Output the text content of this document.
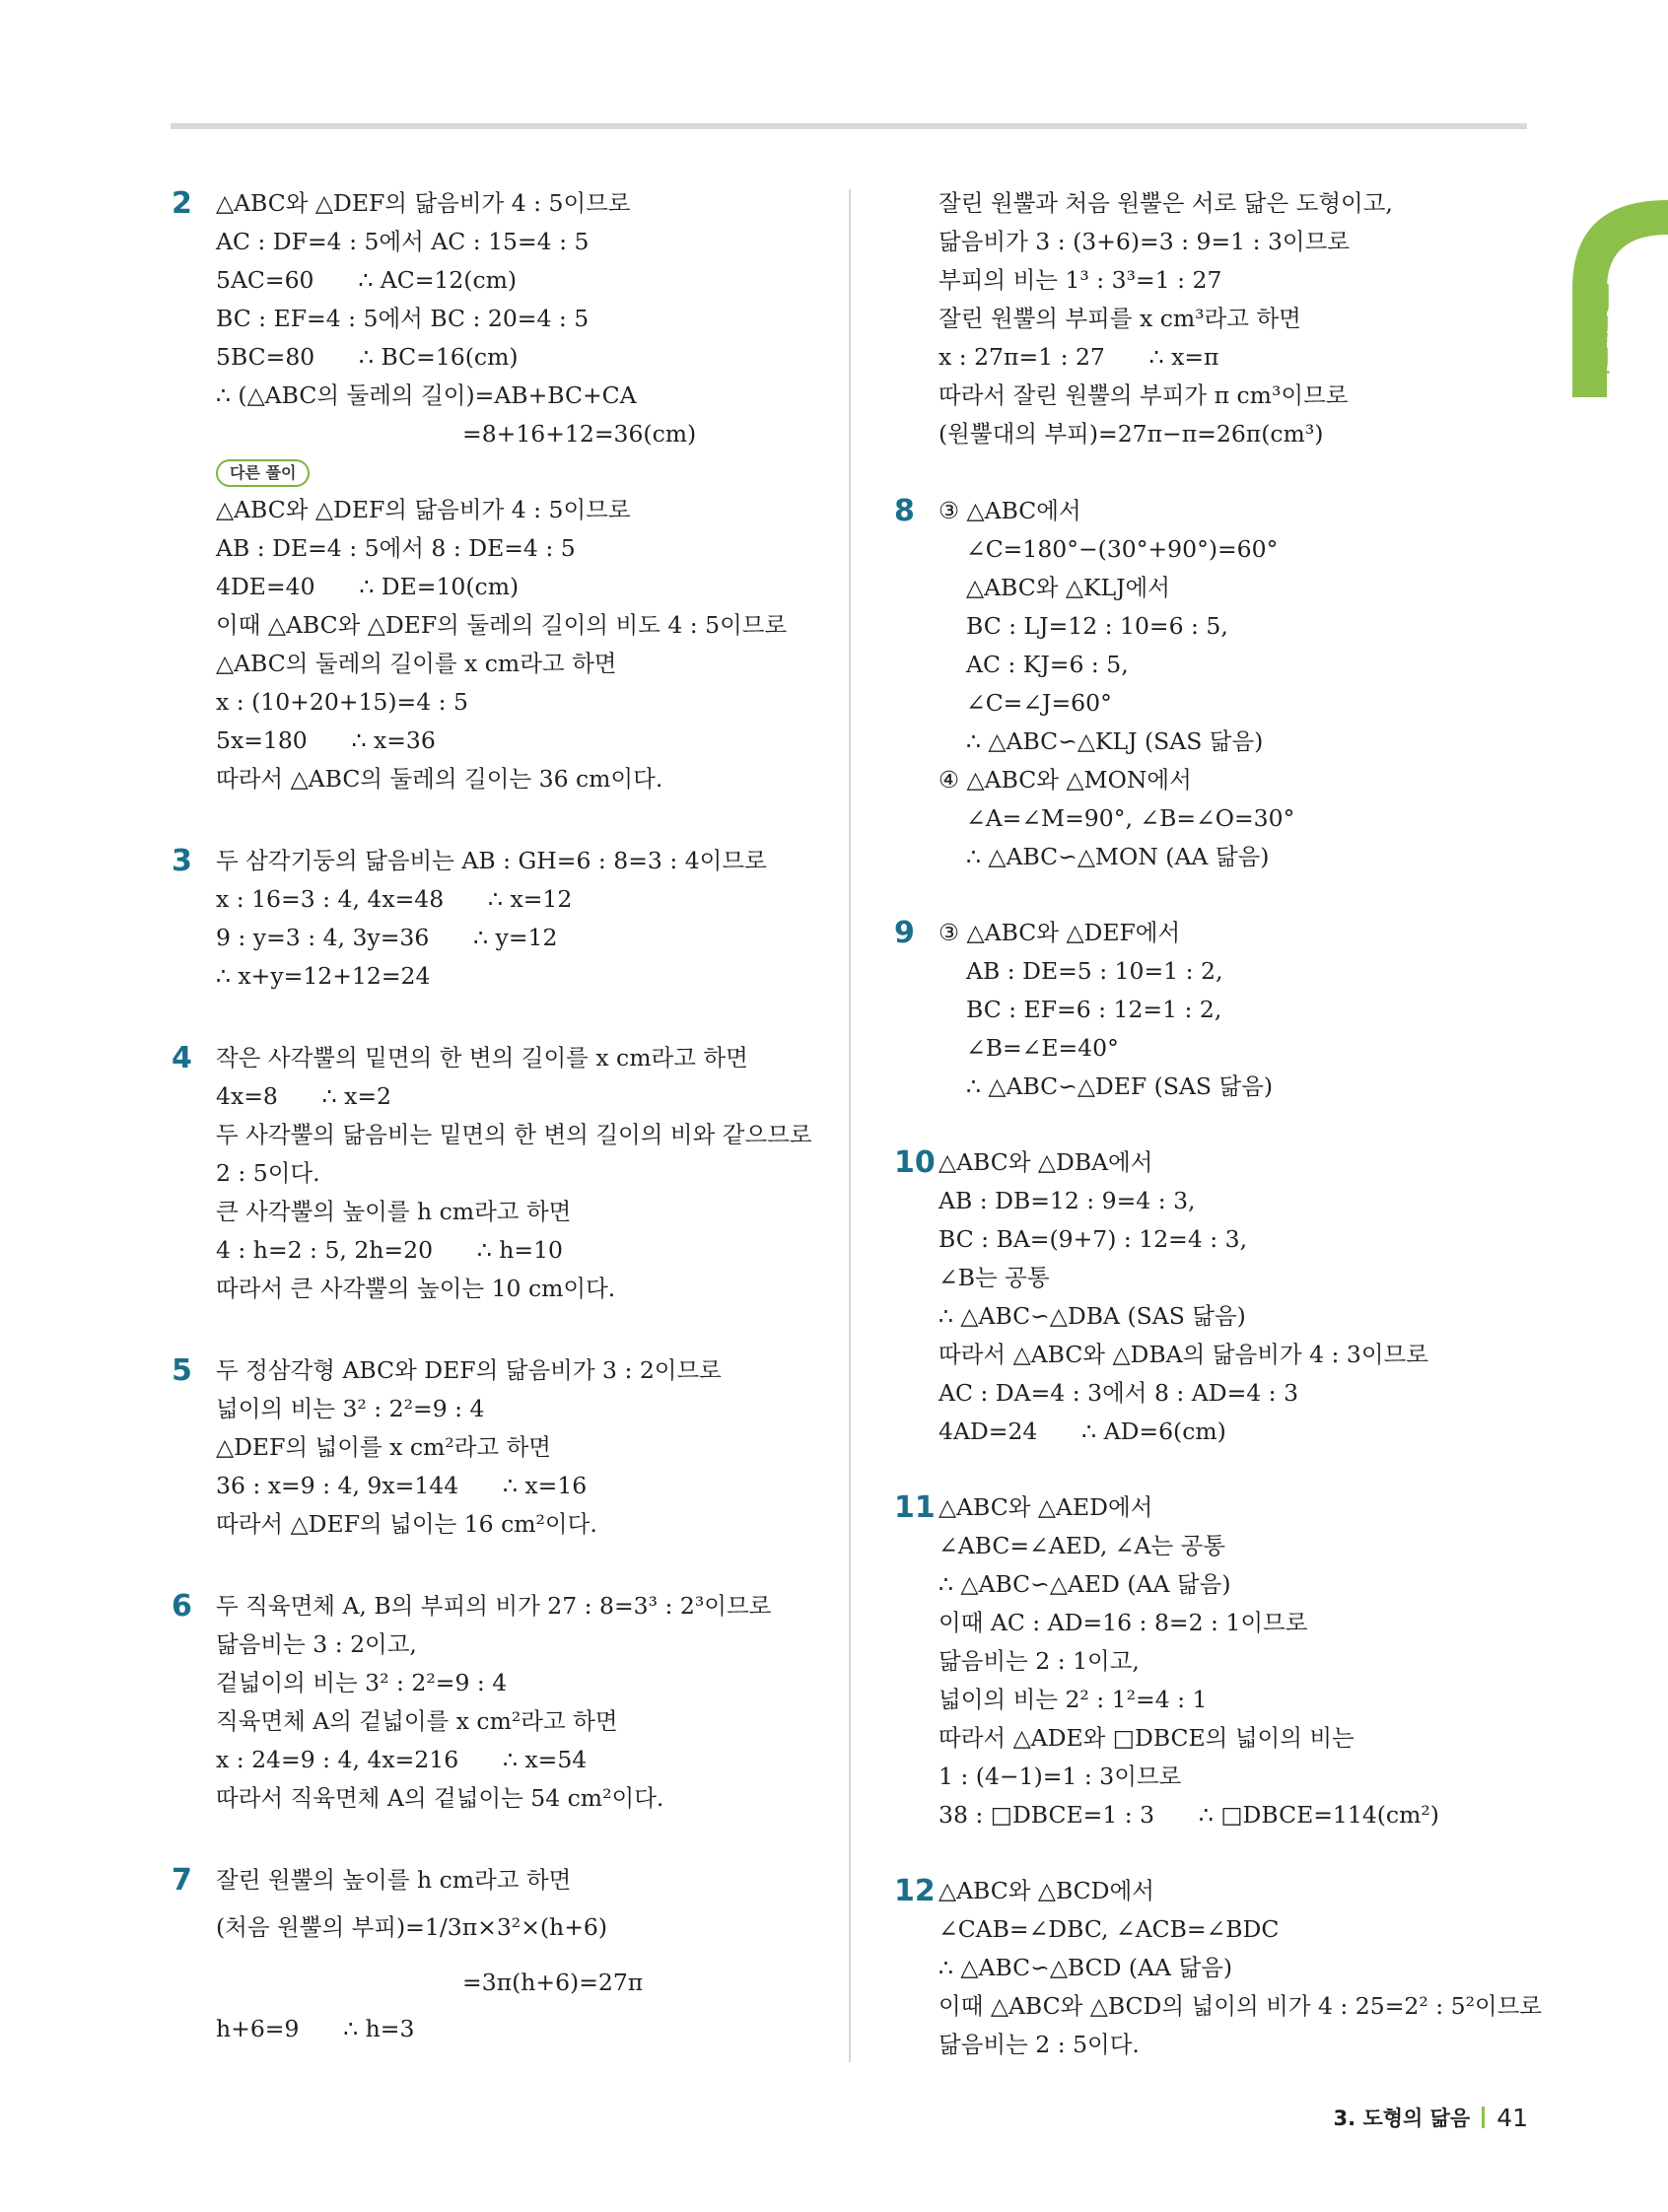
개념편
2 △ABC와 △DEF의 닮음비가 4 : 5이므로
AC : DF=4 : 5에서 AC : 15=4 : 5
5AC=60      ∴ AC=12(cm)
BC : EF=4 : 5에서 BC : 20=4 : 5
5BC=80      ∴ BC=16(cm)
∴ (△ABC의 둘레의 길이)=AB+BC+CA
=8+16+12=36(cm)
다른 풀이
△ABC와 △DEF의 닮음비가 4 : 5이므로
AB : DE=4 : 5에서 8 : DE=4 : 5
4DE=40      ∴ DE=10(cm)
이때 △ABC와 △DEF의 둘레의 길이의 비도 4 : 5이므로
△ABC의 둘레의 길이를 x cm라고 하면
x : (10+20+15)=4 : 5
5x=180      ∴ x=36
따라서 △ABC의 둘레의 길이는 36 cm이다.
3 두 삼각기둥의 닮음비는 AB : GH=6 : 8=3 : 4이므로
x : 16=3 : 4, 4x=48      ∴ x=12
9 : y=3 : 4, 3y=36      ∴ y=12
∴ x+y=12+12=24
4 작은 사각뿔의 밑면의 한 변의 길이를 x cm라고 하면
4x=8      ∴ x=2
두 사각뿔의 닮음비는 밑면의 한 변의 길이의 비와 같으므로
2 : 5이다.
큰 사각뿔의 높이를 h cm라고 하면
4 : h=2 : 5, 2h=20      ∴ h=10
따라서 큰 사각뿔의 높이는 10 cm이다.
5 두 정삼각형 ABC와 DEF의 닮음비가 3 : 2이므로
넓이의 비는 3² : 2²=9 : 4
△DEF의 넓이를 x cm²라고 하면
36 : x=9 : 4, 9x=144      ∴ x=16
따라서 △DEF의 넓이는 16 cm²이다.
6 두 직육면체 A, B의 부피의 비가 27 : 8=3³ : 2³이므로
닮음비는 3 : 2이고,
겉넓이의 비는 3² : 2²=9 : 4
직육면체 A의 겉넓이를 x cm²라고 하면
x : 24=9 : 4, 4x=216      ∴ x=54
따라서 직육면체 A의 겉넓이는 54 cm²이다.
7 잘린 원뿔의 높이를 h cm라고 하면
(처음 원뿔의 부피)=1/3π×3²×(h+6)
=3π(h+6)=27π
h+6=9      ∴ h=3
잘린 원뿔과 처음 원뿔은 서로 닮은 도형이고,
닮음비가 3 : (3+6)=3 : 9=1 : 3이므로
부피의 비는 1³ : 3³=1 : 27
잘린 원뿔의 부피를 x cm³라고 하면
x : 27π=1 : 27      ∴ x=π
따라서 잘린 원뿔의 부피가 π cm³이므로
(원뿔대의 부피)=27π−π=26π(cm³)
8 ③ △ABC에서
∠C=180°−(30°+90°)=60°
△ABC와 △KLJ에서
BC : LJ=12 : 10=6 : 5,
AC : KJ=6 : 5,
∠C=∠J=60°
∴ △ABC∽△KLJ (SAS 닮음)
④ △ABC와 △MON에서
∠A=∠M=90°, ∠B=∠O=30°
∴ △ABC∽△MON (AA 닮음)
9 ③ △ABC와 △DEF에서
AB : DE=5 : 10=1 : 2,
BC : EF=6 : 12=1 : 2,
∠B=∠E=40°
∴ △ABC∽△DEF (SAS 닮음)
10 △ABC와 △DBA에서
AB : DB=12 : 9=4 : 3,
BC : BA=(9+7) : 12=4 : 3,
∠B는 공통
∴ △ABC∽△DBA (SAS 닮음)
따라서 △ABC와 △DBA의 닮음비가 4 : 3이므로
AC : DA=4 : 3에서 8 : AD=4 : 3
4AD=24      ∴ AD=6(cm)
11 △ABC와 △AED에서
∠ABC=∠AED, ∠A는 공통
∴ △ABC∽△AED (AA 닮음)
이때 AC : AD=16 : 8=2 : 1이므로
닮음비는 2 : 1이고,
넓이의 비는 2² : 1²=4 : 1
따라서 △ADE와 □DBCE의 넓이의 비는
1 : (4−1)=1 : 3이므로
38 : □DBCE=1 : 3      ∴ □DBCE=114(cm²)
12 △ABC와 △BCD에서
∠CAB=∠DBC, ∠ACB=∠BDC
∴ △ABC∽△BCD (AA 닮음)
이때 △ABC와 △BCD의 넓이의 비가 4 : 25=2² : 5²이므로
닮음비는 2 : 5이다.
3. 도형의 닮음 41
